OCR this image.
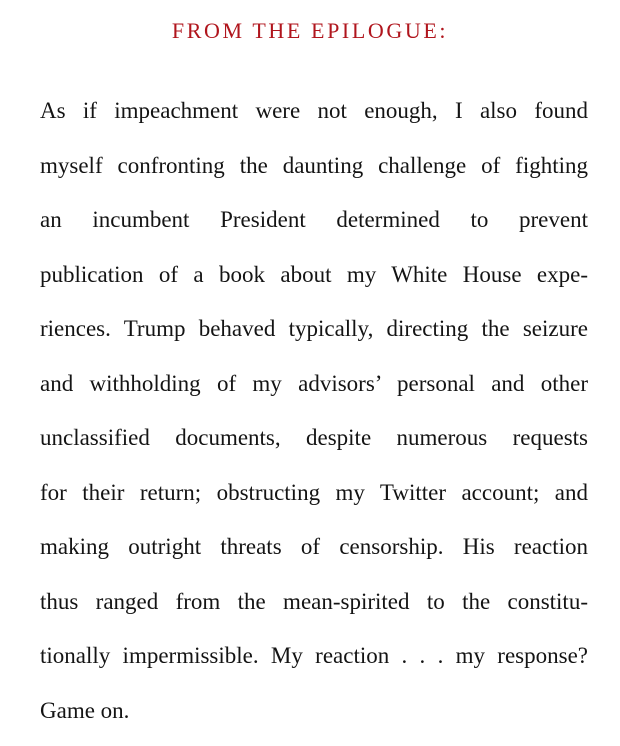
FROM THE EPILOGUE:
As if impeachment were not enough, I also found
myself confronting the daunting challenge of fighting
an incumbent President determined to prevent
publication of a book about my White House expe-
riences. Trump behaved typically, directing the seizure
and withholding of my advisors’ personal and other
unclassified documents, despite numerous requests
for their return; obstructing my Twitter account; and
making outright threats of censorship. His reaction
thus ranged from the mean-spirited to the constitu-
tionally impermissible. My reaction . . . my response?
Game on.
